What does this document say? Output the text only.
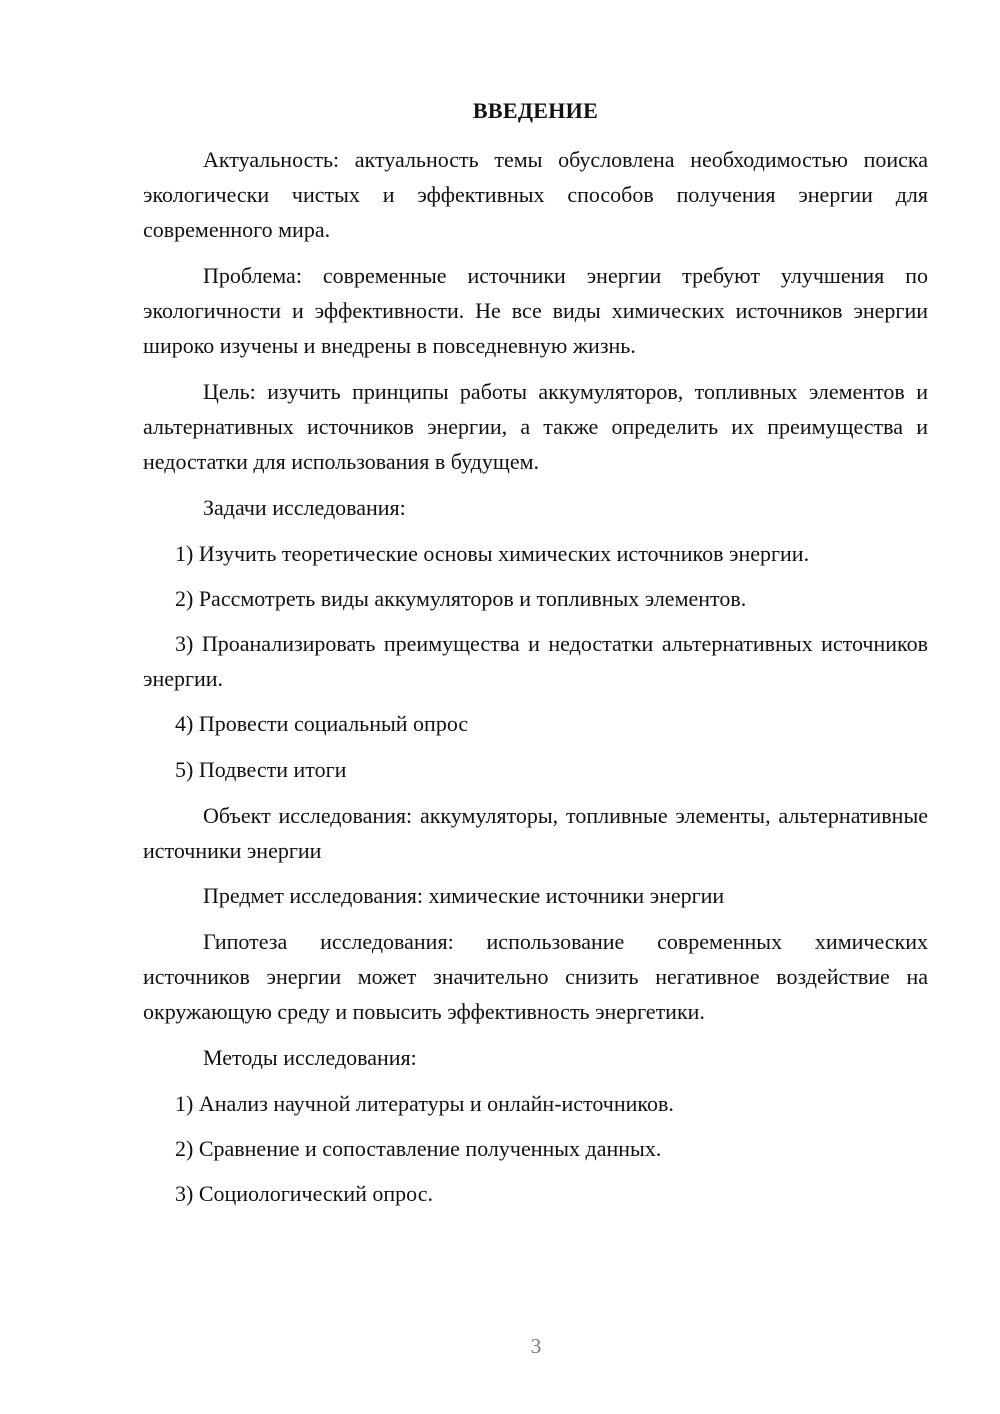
ВВЕДЕНИЕ

Актуальность: актуальность темы обусловлена необходимостью поиска экологически чистых и эффективных способов получения энергии для современного мира.

Проблема: современные источники энергии требуют улучшения по экологичности и эффективности. Не все виды химических источников энергии широко изучены и внедрены в повседневную жизнь.

Цель: изучить принципы работы аккумуляторов, топливных элементов и альтернативных источников энергии, а также определить их преимущества и недостатки для использования в будущем.

Задачи исследования:

1) Изучить теоретические основы химических источников энергии.

2) Рассмотреть виды аккумуляторов и топливных элементов.

3) Проанализировать преимущества и недостатки альтернативных источников энергии.

4) Провести социальный опрос

5) Подвести итоги

Объект исследования: аккумуляторы, топливные элементы, альтернативные источники энергии

Предмет исследования: химические источники энергии

Гипотеза исследования: использование современных химических источников энергии может значительно снизить негативное воздействие на окружающую среду и повысить эффективность энергетики.

Методы исследования:

1) Анализ научной литературы и онлайн-источников.

2) Сравнение и сопоставление полученных данных.

3) Социологический опрос.

3
